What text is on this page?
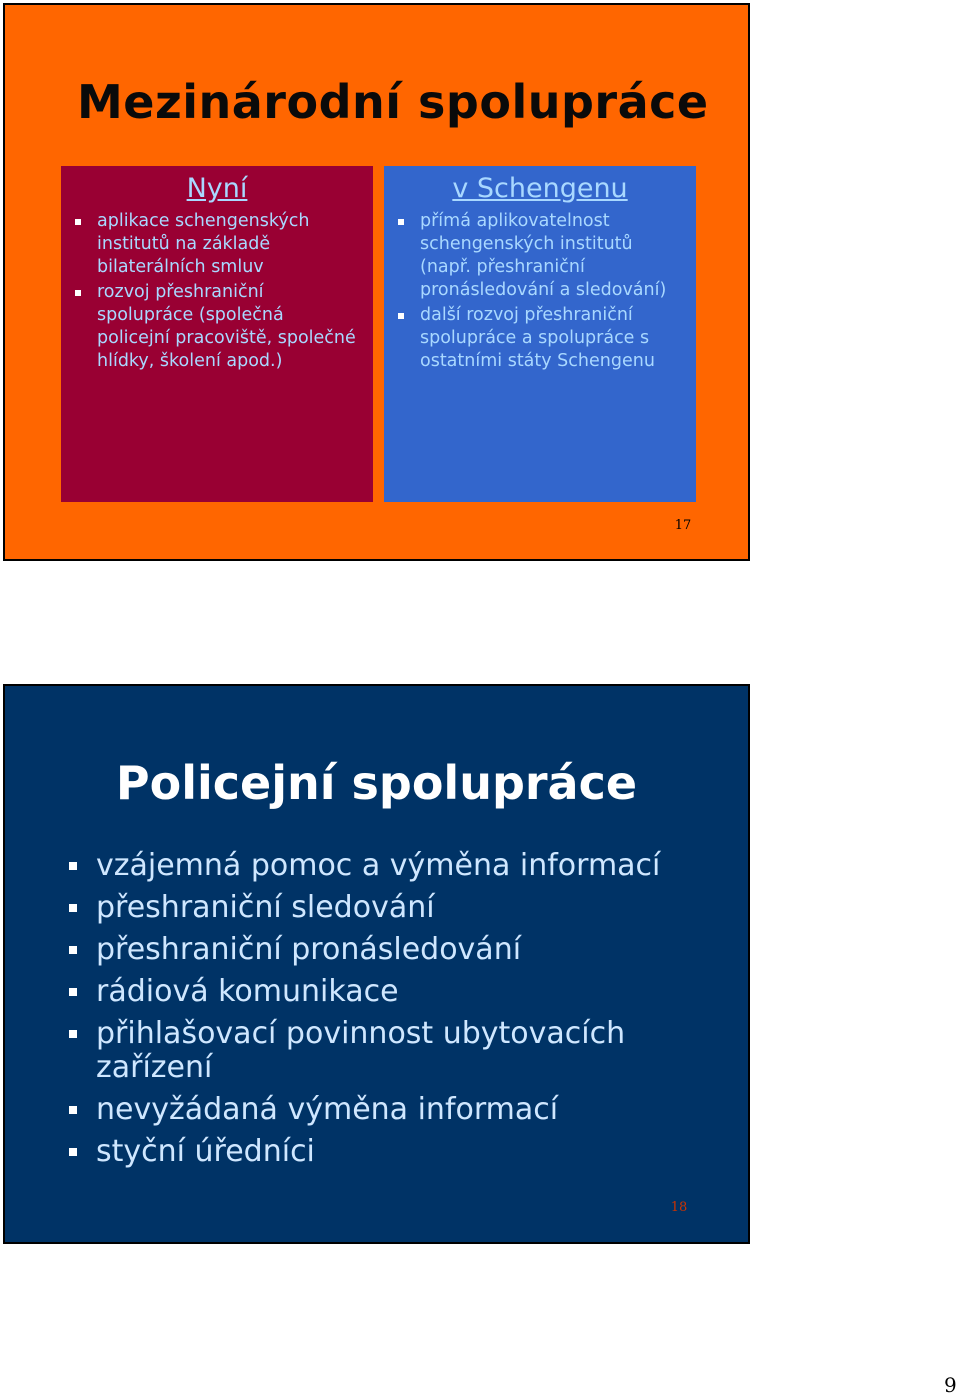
Mezinárodní spolupráce
Nyní
aplikace schengenských institutů na základě bilaterálních smluv
rozvoj přeshraniční spolupráce (společná policejní pracoviště, společné hlídky, školení apod.)
v Schengenu
přímá aplikovatelnost schengenských institutů (např. přeshraniční pronásledování a sledování)
další rozvoj přeshraniční spolupráce a spolupráce s ostatními státy Schengenu
17
Policejní spolupráce
vzájemná pomoc a výměna informací
přeshraniční sledování
přeshraniční pronásledování
rádiová komunikace
přihlašovací povinnost ubytovacích zařízení
nevyžádaná výměna informací
styční úředníci
18
9
